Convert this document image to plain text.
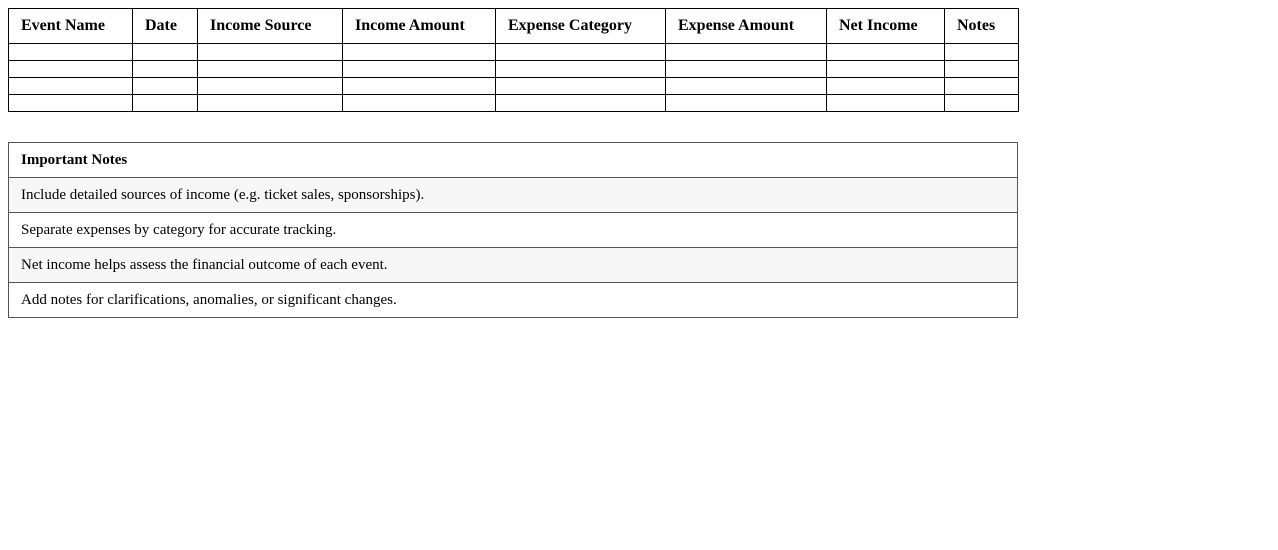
Event Name	Date	Income Source	Income Amount	Expense Category	Expense Amount	Net Income	Notes

Important Notes
Include detailed sources of income (e.g. ticket sales, sponsorships).
Separate expenses by category for accurate tracking.
Net income helps assess the financial outcome of each event.
Add notes for clarifications, anomalies, or significant changes.
